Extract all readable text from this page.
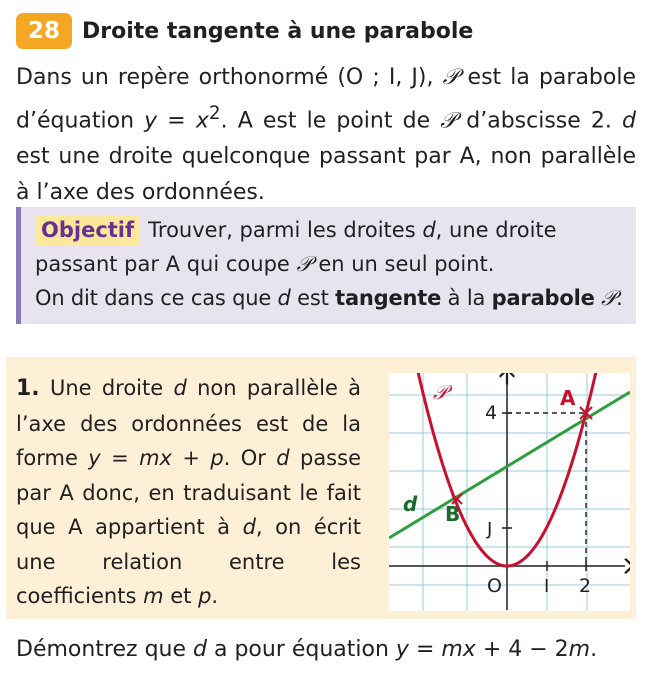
28	Droite tangente à une parabole

Dans un repère orthonormé (O ; I, J), 𝒫 est la parabole d’équation $y = x^2$. A est le point de 𝒫 d’abscisse 2. d est une droite quelconque passant par A, non parallèle à l’axe des ordonnées.

Objectif Trouver, parmi les droites d, une droite passant par A qui coupe 𝒫 en un seul point.
On dit dans ce cas que d est tangente à la parabole 𝒫.

1. Une droite d non parallèle à l’axe des ordonnées est de la forme y = mx + p. Or d passe par A donc, en traduisant le fait que A appartient à d, on écrit une relation entre les coefficients m et p.

𝒫	A
B
d
4
J
O I 2

Démontrez que d a pour équation y = mx + 4 − 2m.
